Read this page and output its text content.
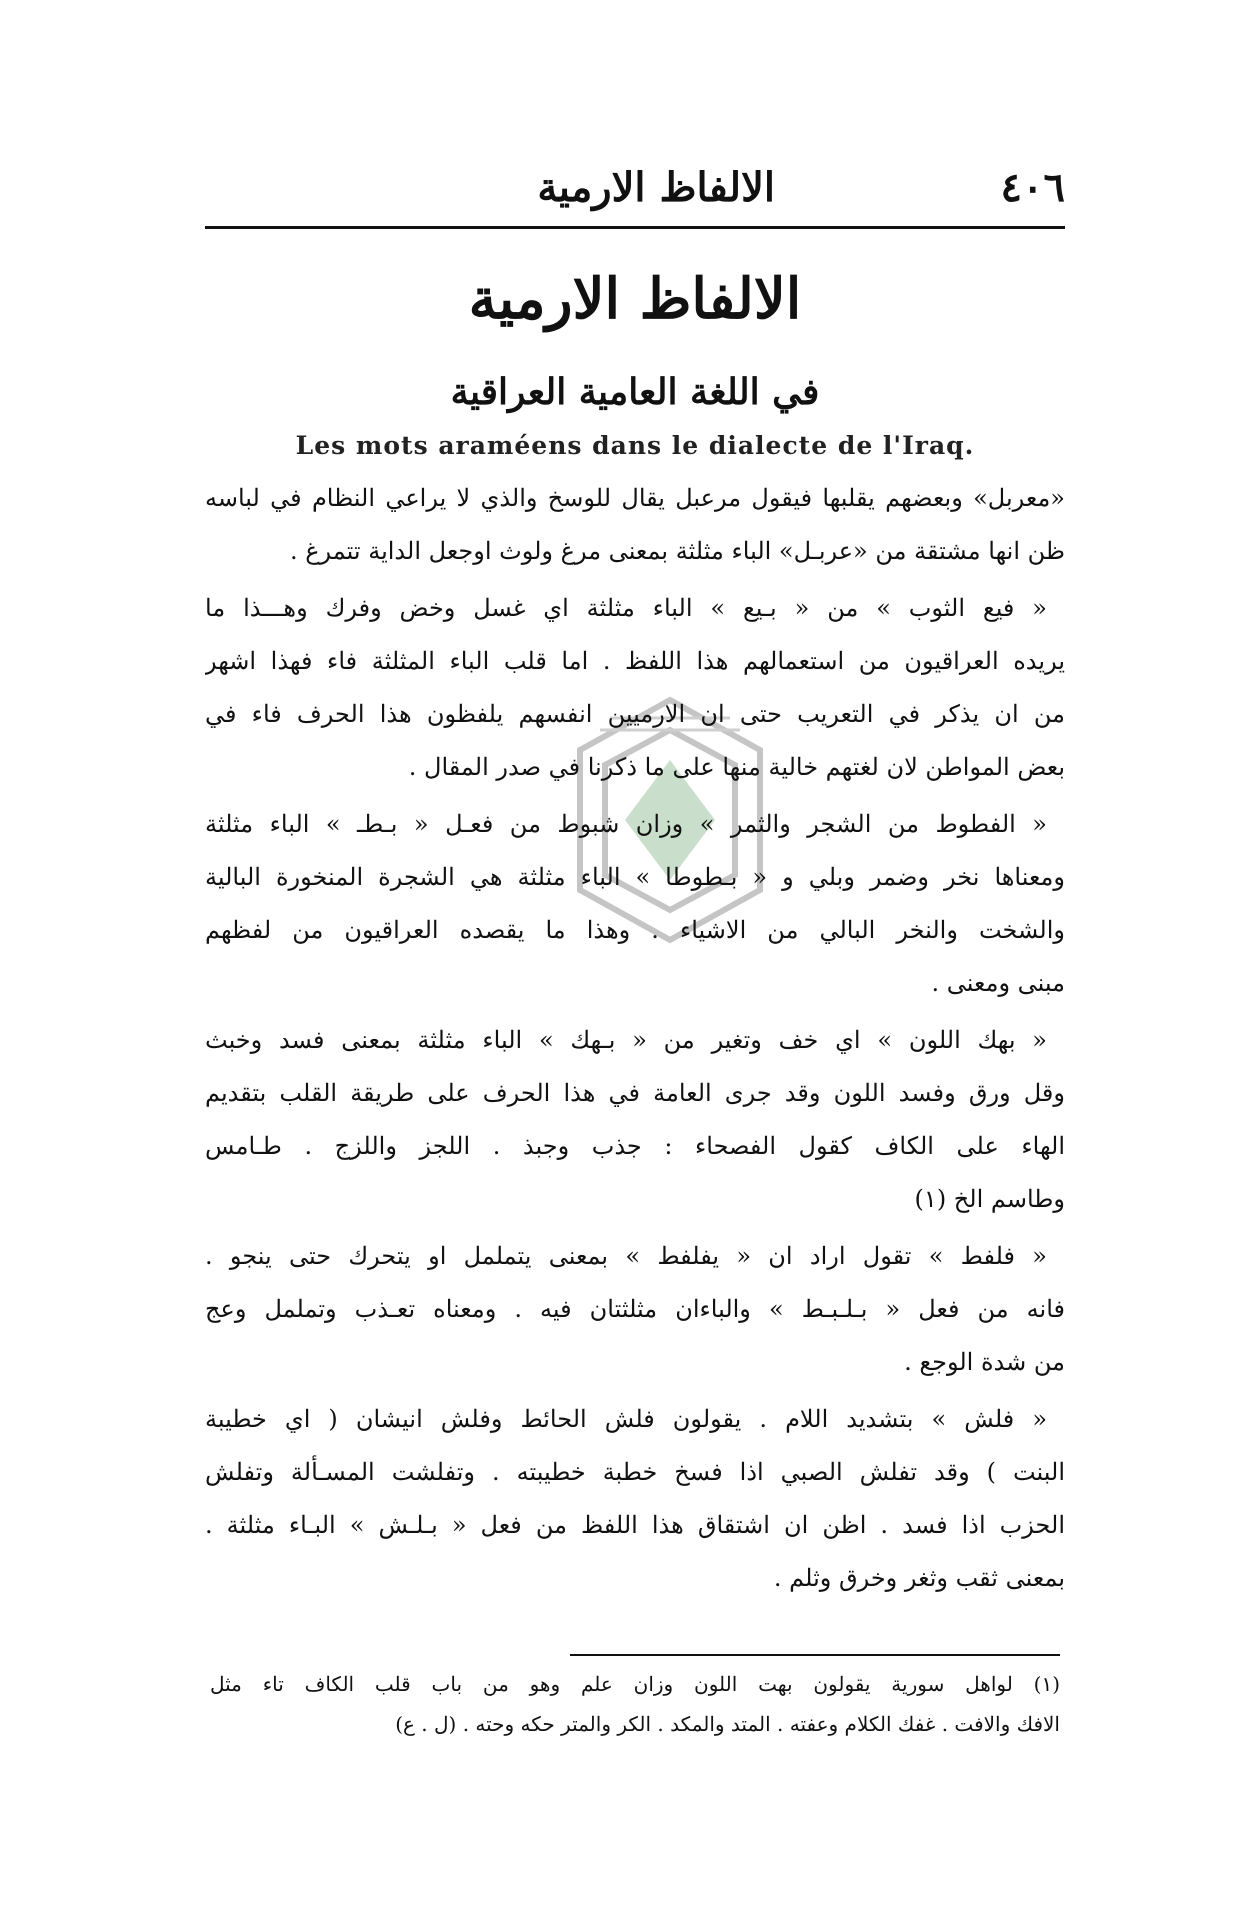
٤٠٦
الالفاظ الارمية
الالفاظ الارمية
في اللغة العامية العراقية
Les mots araméens dans le dialecte de l'Iraq.
«معربل» وبعضهم يقلبها فيقول مرعبل يقال للوسخ والذي لا يراعي النظام في لباسه
ظن انها مشتقة من «عربـل» الباء مثلثة بمعنى مرغ ولوث اوجعل الداية تتمرغ .
« فيع الثوب » من « بـيع » الباء مثلثة اي غسل وخض وفرك وهـــذا ما
يريده العراقيون من استعمالهم هذا اللفظ . اما قلب الباء المثلثة فاء فهذا اشهر
من ان يذكر في التعريب حتى ان الارميين انفسهم يلفظون هذا الحرف فاء في
بعض المواطن لان لغتهم خالية منها على ما ذكرنا في صدر المقال .
« الفطوط من الشجر والثمر » وزان شبوط من فعـل « بـطـ » الباء مثلثة
ومعناها نخر وضمر وبلي و « بـطوطا » الباء مثلثة هي الشجرة المنخورة البالية
والشخت والنخر البالي من الاشياء . وهذا ما يقصده العراقيون من لفظهم
مبنى ومعنى .
« بهك اللون » اي خف وتغير من « بـهك » الباء مثلثة بمعنى فسد وخبث
وقل ورق وفسد اللون وقد جرى العامة في هذا الحرف على طريقة القلب بتقديم
الهاء على الكاف كقول الفصحاء : جذب وجبذ . اللجز واللزج . طـامس
وطاسم الخ (١)
« فلفط » تقول اراد ان « يفلفط » بمعنى يتململ او يتحرك حتى ينجو .
فانه من فعل « بـلـبـط » والباءان مثلثتان فيه . ومعناه تعـذب وتململ وعج
من شدة الوجع .
« فلش » بتشديد اللام . يقولون فلش الحائط وفلش انيشان ( اي خطيبة
البنت ) وقد تفلش الصبي اذا فسخ خطبة خطيبته . وتفلشت المسـألة وتفلش
الحزب اذا فسد . اظن ان اشتقاق هذا اللفظ من فعل « بـلـش » البـاء مثلثة .
بمعنى ثقب وثغر وخرق وثلم .
(١) لواهل سورية يقولون بهت اللون وزان علم وهو من باب قلب الكاف تاء مثل
الافك والافت . غفك الكلام وعفته . المتد والمكد . الكر والمتر حكه وحته . (ل . ع)
